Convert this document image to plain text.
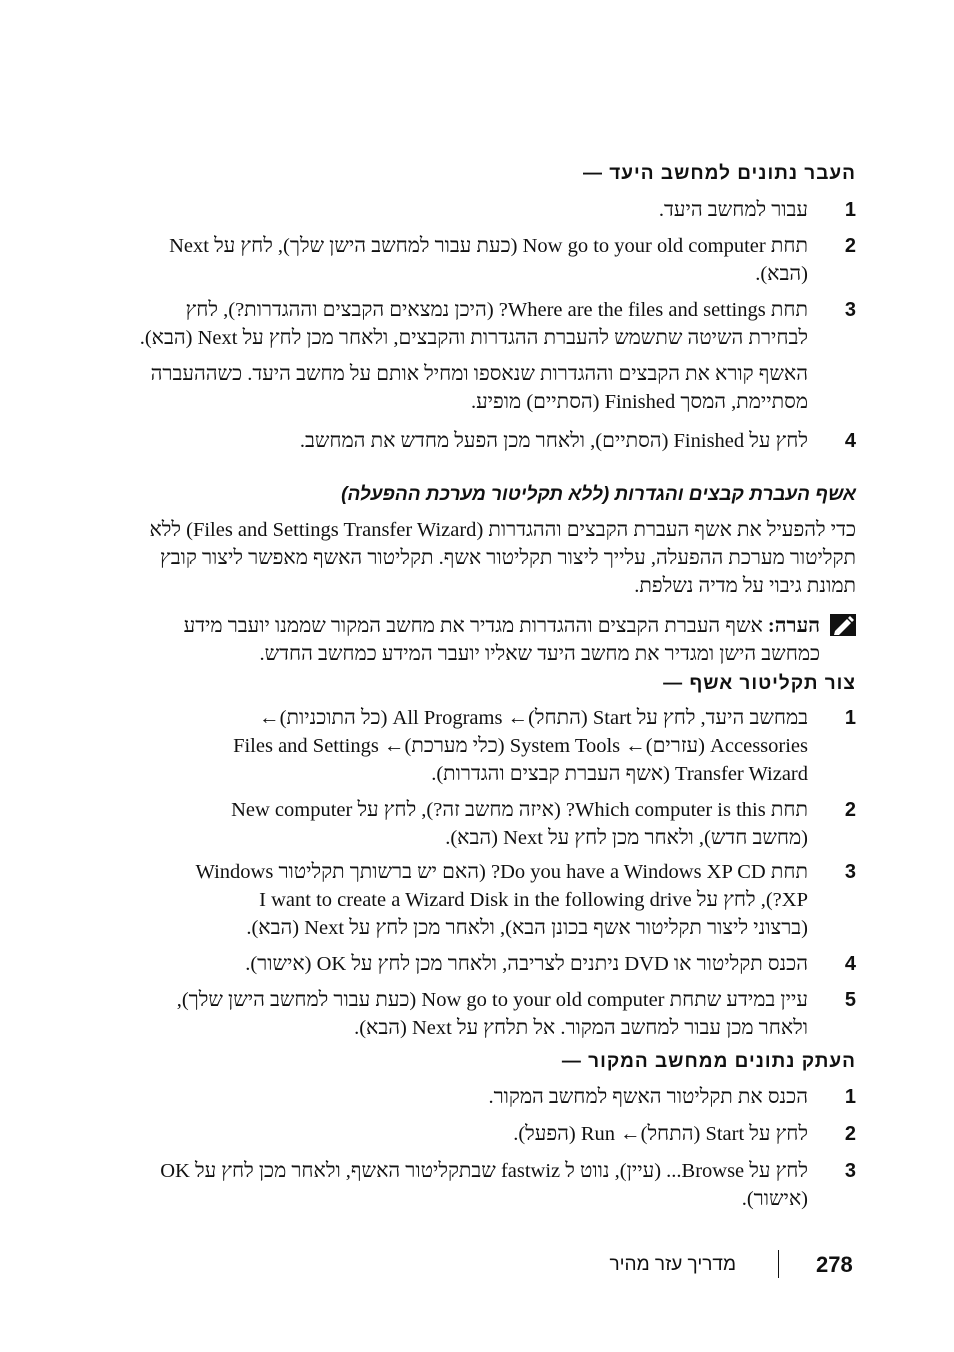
העבר נתונים למחשב היעד —
1
עבור למחשב היעד.
2
תחת Now go to your old computer (כעת עבור למחשב הישן שלך), לחץ על Next
(הבא).
3
תחת Where are the files and settings? (היכן נמצאים הקבצים וההגדרות?), לחץ
לבחירת השיטה שתשמש להעברת ההגדרות והקבצים, ולאחר מכן לחץ על Next (הבא).
האשף קורא את הקבצים וההגדרות שנאספו ומחיל אותם על מחשב היעד. כשההעברה
מסתיימת, המסך Finished (הסתיים) מופיע.
4
לחץ על Finished (הסתיים), ולאחר מכן הפעל מחדש את המחשב.
אשף העברת קבצים והגדרות (ללא תקליטור מערכת ההפעלה)
כדי להפעיל את אשף העברת הקבצים וההגדרות (Files and Settings Transfer Wizard) ללא
תקליטור מערכת ההפעלה, עלייך ליצור תקליטור אשף. תקליטור האשף מאפשר ליצור קובץ
תמונת גיבוי על מדיה נשלפת.
הערה: אשף העברת הקבצים וההגדרות מגדיר את מחשב המקור שממנו יועבר מידע
כמחשב הישן ומגדיר את מחשב היעד שאליו יועבר המידע כמחשב החדש.
צור תקליטור אשף —
1
במחשב היעד, לחץ על Start (התחל)← All Programs (כל התוכניות)←
Accessories (עזרים)← System Tools (כלי מערכת)← Files and Settings
Transfer Wizard (אשף העברת קבצים והגדרות).
2
תחת Which computer is this? (איזה מחשב זה?), לחץ על New computer
(מחשב חדש), ולאחר מכן לחץ על Next (הבא).
3
תחת Do you have a Windows XP CD? (האם יש ברשותך תקליטור Windows
XP?), לחץ על I want to create a Wizard Disk in the following drive
(ברצוני ליצור תקליטור אשף בכונן הבא), ולאחר מכן לחץ על Next (הבא).
4
הכנס תקליטור או DVD ניתנים לצריבה, ולאחר מכן לחץ על OK (אישור).
5
עיין במידע שתחת Now go to your old computer (כעת עבור למחשב הישן שלך),
ולאחר מכן עבור למחשב המקור. אל תלחץ על Next (הבא).
העתק נתונים ממחשב המקור —
1
הכנס את תקליטור האשף למחשב המקור.
2
לחץ על Start (התחל)← Run (הפעל).
3
לחץ על Browse... (עיין), נווט ל fastwiz שבתקליטור האשף, ולאחר מכן לחץ על OK
(אישור).
278
מדריך עזר מהיר
